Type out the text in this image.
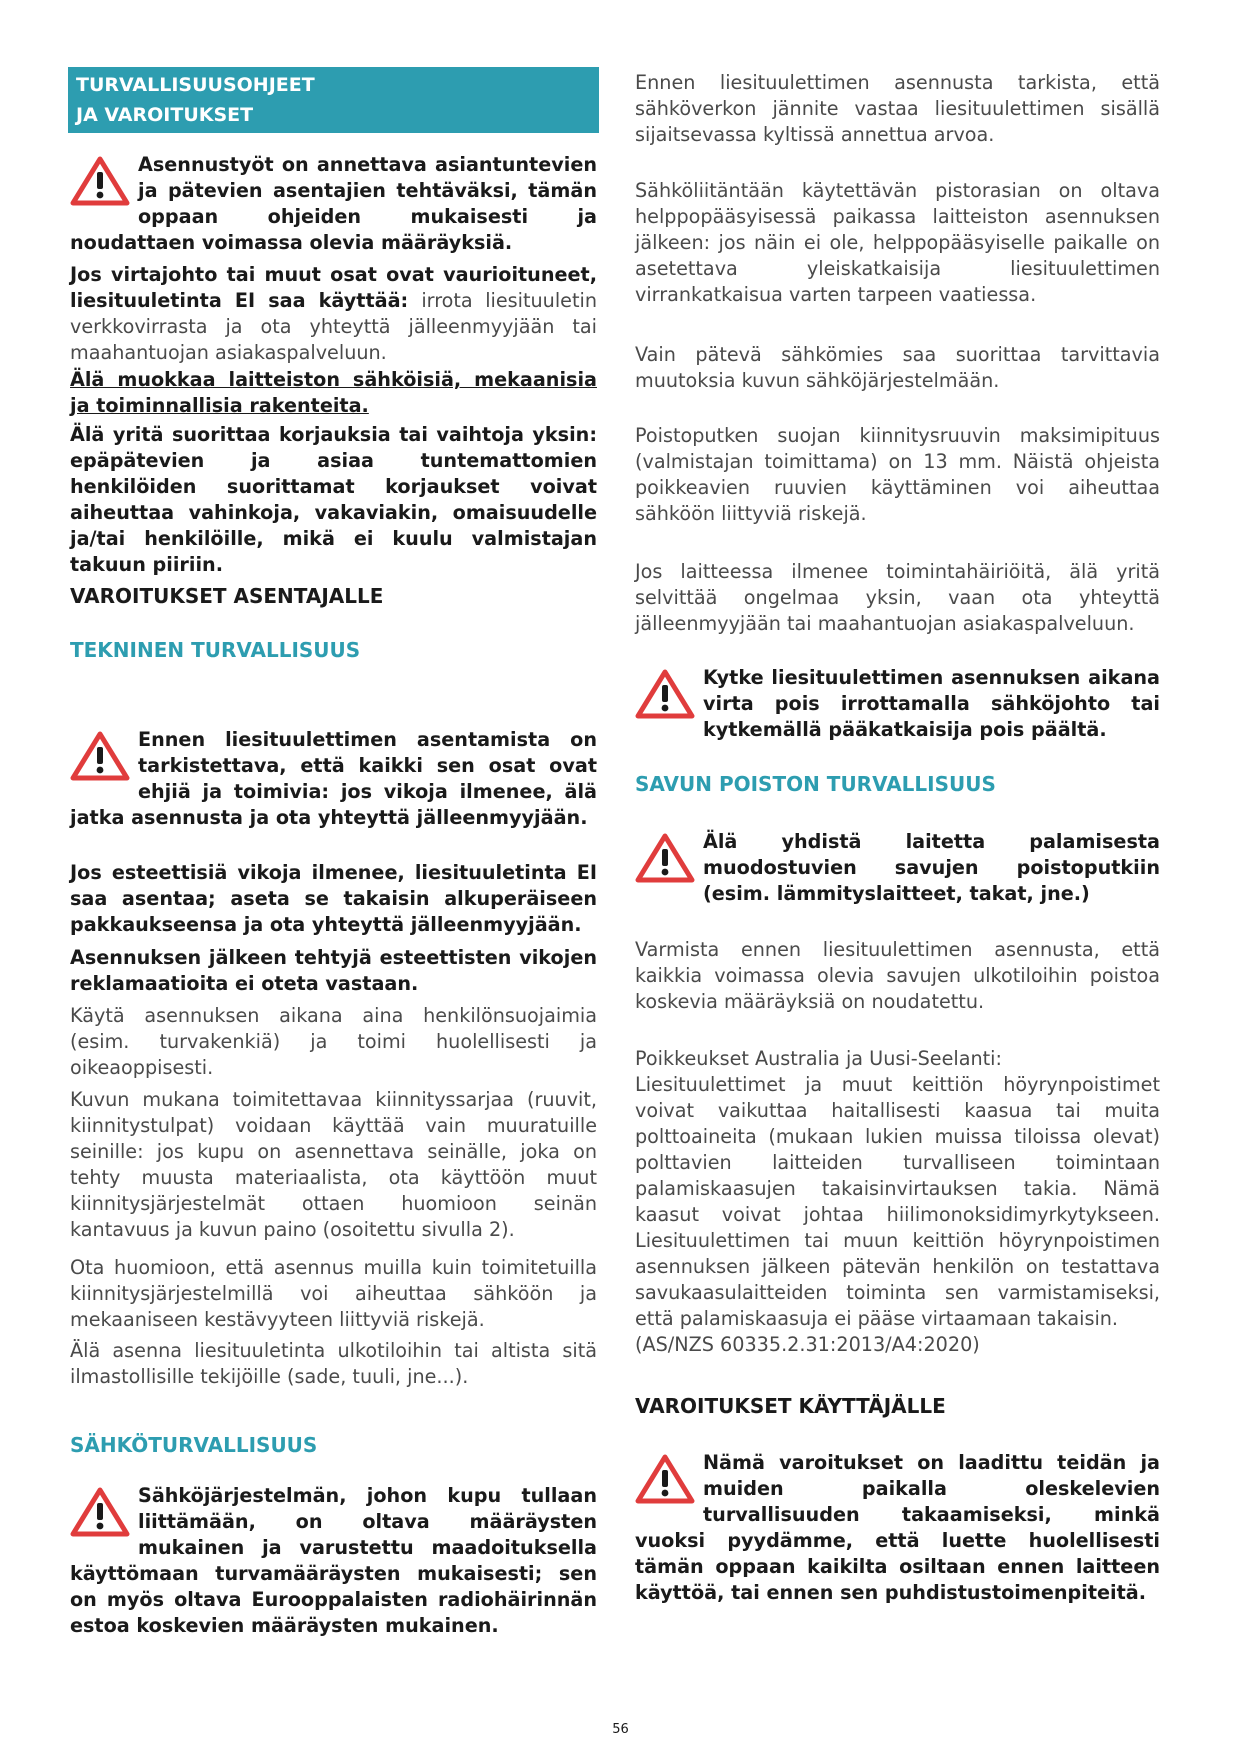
TURVALLISUUSOHJEET
JA VAROITUKSET

Asennustyöt on annettava asiantuntevien ja pätevien asentajien tehtäväksi, tämän oppaan ohjeiden mukaisesti ja noudattaen voimassa olevia määräyksiä.

Jos virtajohto tai muut osat ovat vaurioituneet, liesituuletinta EI saa käyttää: irrota liesituuletin verkkovirrasta ja ota yhteyttä jälleenmyyjään tai maahantuojan asiakaspalveluun.

Älä muokkaa laitteiston sähköisiä, mekaanisia ja toiminnallisia rakenteita.

Älä yritä suorittaa korjauksia tai vaihtoja yksin: epäpätevien ja asiaa tuntemattomien henkilöiden suorittamat korjaukset voivat aiheuttaa vahinkoja, vakaviakin, omaisuudelle ja/tai henkilöille, mikä ei kuulu valmistajan takuun piiriin.

VAROITUKSET ASENTAJALLE
TEKNINEN TURVALLISUUS

Ennen liesituulettimen asentamista on tarkistettava, että kaikki sen osat ovat ehjiä ja toimivia: jos vikoja ilmenee, älä jatka asennusta ja ota yhteyttä jälleenmyyjään.

Jos esteettisiä vikoja ilmenee, liesituuletinta EI saa asentaa; aseta se takaisin alkuperäiseen pakkaukseensa ja ota yhteyttä jälleenmyyjään.

Asennuksen jälkeen tehtyjä esteettisten vikojen reklamaatioita ei oteta vastaan.

Käytä asennuksen aikana aina henkilönsuojaimia (esim. turvakenkiä) ja toimi huolellisesti ja oikeaoppisesti.

Kuvun mukana toimitettavaa kiinnityssarjaa (ruuvit, kiinnitystulpat) voidaan käyttää vain muuratuille seinille: jos kupu on asennettava seinälle, joka on tehty muusta materiaalista, ota käyttöön muut kiinnitysjärjestelmät ottaen huomioon seinän kantavuus ja kuvun paino (osoitettu sivulla 2).

Ota huomioon, että asennus muilla kuin toimitetuilla kiinnitysjärjestelmillä voi aiheuttaa sähköön ja mekaaniseen kestävyyteen liittyviä riskejä.

Älä asenna liesituuletinta ulkotiloihin tai altista sitä ilmastollisille tekijöille (sade, tuuli, jne...).

SÄHKÖTURVALLISUUS

Sähköjärjestelmän, johon kupu tullaan liittämään, on oltava määräysten mukainen ja varustettu maadoituksella käyttömaan turvamääräysten mukaisesti; sen on myös oltava Eurooppalaisten radiohäirinnän estoa koskevien määräysten mukainen.

Ennen liesituulettimen asennusta tarkista, että sähköverkon jännite vastaa liesituulettimen sisällä sijaitsevassa kyltissä annettua arvoa.

Sähköliitäntään käytettävän pistorasian on oltava helppopääsyisessä paikassa laitteiston asennuksen jälkeen: jos näin ei ole, helppopääsyiselle paikalle on asetettava yleiskatkaisija liesituulettimen virrankatkaisua varten tarpeen vaatiessa.

Vain pätevä sähkömies saa suorittaa tarvittavia muutoksia kuvun sähköjärjestelmään.

Poistoputken suojan kiinnitysruuvin maksimipituus (valmistajan toimittama) on 13 mm. Näistä ohjeista poikkeavien ruuvien käyttäminen voi aiheuttaa sähköön liittyviä riskejä.

Jos laitteessa ilmenee toimintahäiriöitä, älä yritä selvittää ongelmaa yksin, vaan ota yhteyttä jälleenmyyjään tai maahantuojan asiakaspalveluun.

Kytke liesituulettimen asennuksen aikana virta pois irrottamalla sähköjohto tai kytkemällä pääkatkaisija pois päältä.

SAVUN POISTON TURVALLISUUS

Älä yhdistä laitetta palamisesta muodostuvien savujen poistoputkiin (esim. lämmityslaitteet, takat, jne.)

Varmista ennen liesituulettimen asennusta, että kaikkia voimassa olevia savujen ulkotiloihin poistoa koskevia määräyksiä on noudatettu.

Poikkeukset Australia ja Uusi-Seelanti:

Liesituulettimet ja muut keittiön höyrynpoistimet voivat vaikuttaa haitallisesti kaasua tai muita polttoaineita (mukaan lukien muissa tiloissa olevat) polttavien laitteiden turvalliseen toimintaan palamiskaasujen takaisinvirtauksen takia. Nämä kaasut voivat johtaa hiilimonoksidimyrkytykseen. Liesituulettimen tai muun keittiön höyrynpoistimen asennuksen jälkeen pätevän henkilön on testattava savukaasulaitteiden toiminta sen varmistamiseksi, että palamiskaasuja ei pääse virtaamaan takaisin.

(AS/NZS 60335.2.31:2013/A4:2020)

VAROITUKSET KÄYTTÄJÄLLE

Nämä varoitukset on laadittu teidän ja muiden paikalla oleskelevien turvallisuuden takaamiseksi, minkä vuoksi pyydämme, että luette huolellisesti tämän oppaan kaikilta osiltaan ennen laitteen käyttöä, tai ennen sen puhdistustoimenpiteitä.

56
